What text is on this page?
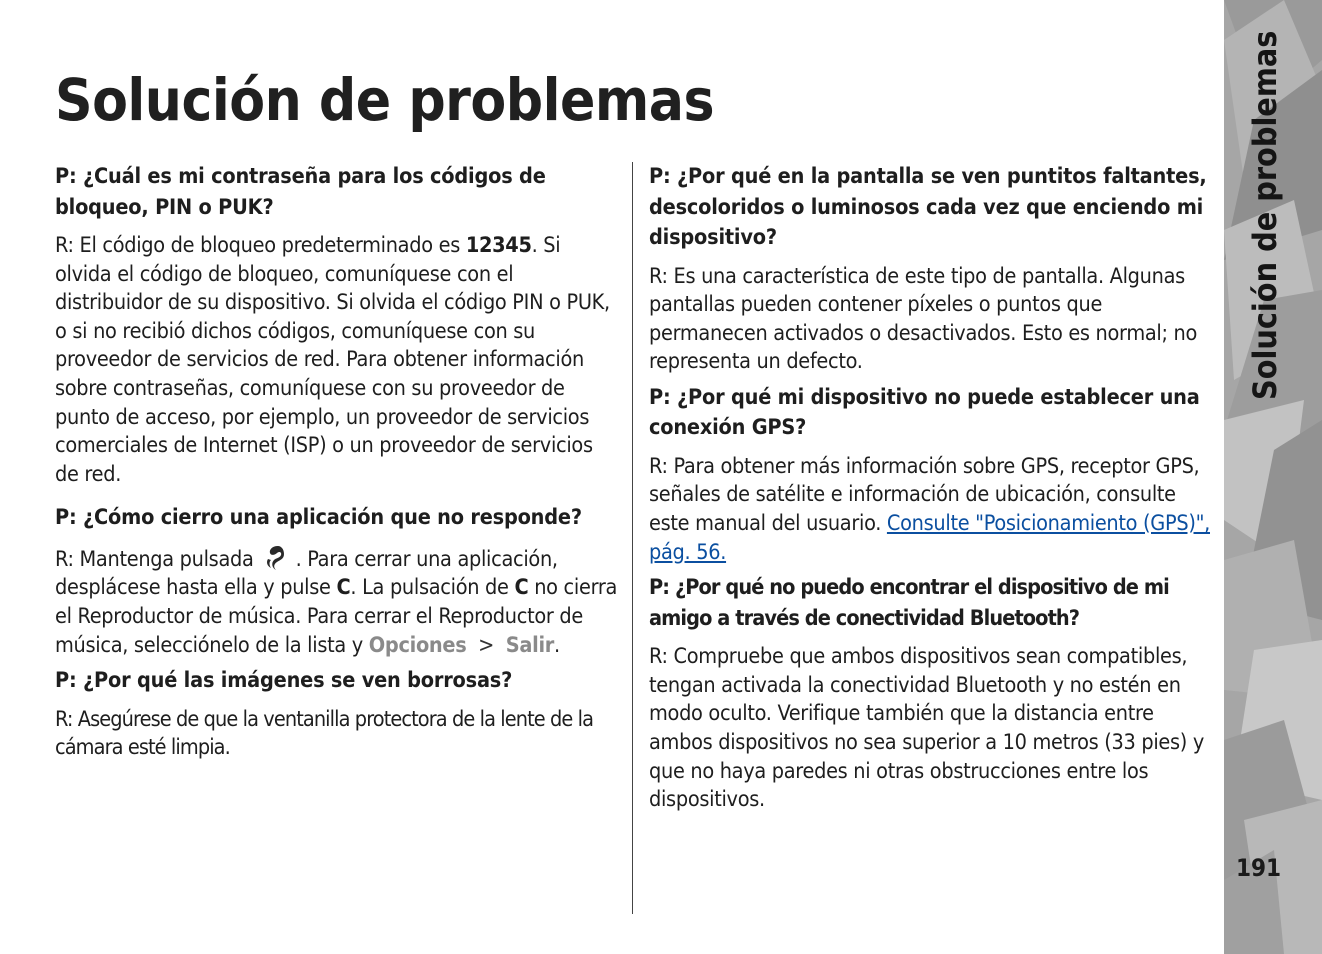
Solución de problemas

P: ¿Cuál es mi contraseña para los códigos de bloqueo, PIN o PUK?

R: El código de bloqueo predeterminado es 12345. Si olvida el código de bloqueo, comuníquese con el distribuidor de su dispositivo. Si olvida el código PIN o PUK, o si no recibió dichos códigos, comuníquese con su proveedor de servicios de red. Para obtener información sobre contraseñas, comuníquese con su proveedor de punto de acceso, por ejemplo, un proveedor de servicios comerciales de Internet (ISP) o un proveedor de servicios de red.

P: ¿Cómo cierro una aplicación que no responde?

R: Mantenga pulsada . Para cerrar una aplicación, desplácese hasta ella y pulse C. La pulsación de C no cierra el Reproductor de música. Para cerrar el Reproductor de música, selecciónelo de la lista y Opciones > Salir.

P: ¿Por qué las imágenes se ven borrosas?

R: Asegúrese de que la ventanilla protectora de la lente de la cámara esté limpia.

P: ¿Por qué en la pantalla se ven puntitos faltantes, descoloridos o luminosos cada vez que enciendo mi dispositivo?

R: Es una característica de este tipo de pantalla. Algunas pantallas pueden contener píxeles o puntos que permanecen activados o desactivados. Esto es normal; no representa un defecto.

P: ¿Por qué mi dispositivo no puede establecer una conexión GPS?

R: Para obtener más información sobre GPS, receptor GPS, señales de satélite e información de ubicación, consulte este manual del usuario. Consulte "Posicionamiento (GPS)", pág. 56.

P: ¿Por qué no puedo encontrar el dispositivo de mi amigo a través de conectividad Bluetooth?

R: Compruebe que ambos dispositivos sean compatibles, tengan activada la conectividad Bluetooth y no estén en modo oculto. Verifique también que la distancia entre ambos dispositivos no sea superior a 10 metros (33 pies) y que no haya paredes ni otras obstrucciones entre los dispositivos.

Solución de problemas
191
